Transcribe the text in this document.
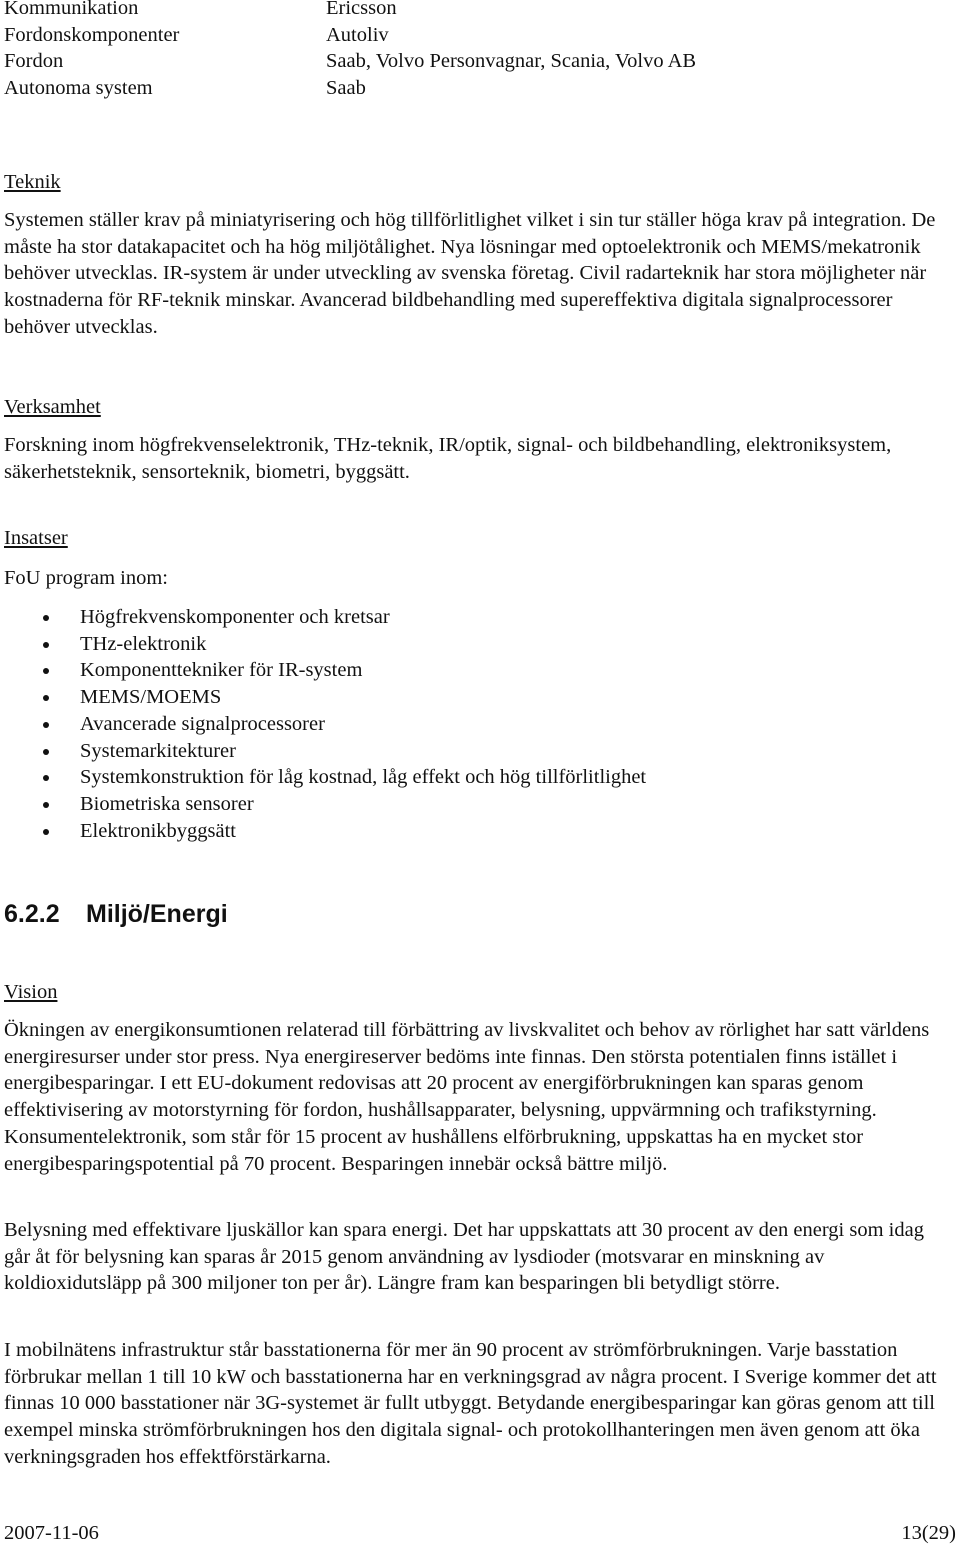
Kommunikation	Ericsson
Fordonskomponenter	Autoliv
Fordon	Saab, Volvo Personvagnar, Scania, Volvo AB
Autonoma system	Saab
Teknik

Systemen ställer krav på miniatyrisering och hög tillförlitlighet vilket i sin tur ställer höga krav på integration. De måste ha stor datakapacitet och ha hög miljötålighet. Nya lösningar med optoelektronik och MEMS/mekatronik behöver utvecklas. IR-system är under utveckling av svenska företag. Civil radarteknik har stora möjligheter när kostnaderna för RF-teknik minskar. Avancerad bildbehandling med supereffektiva digitala signalprocessorer behöver utvecklas.

Verksamhet

Forskning inom högfrekvenselektronik, THz-teknik, IR/optik, signal- och bildbehandling, elektroniksystem, säkerhetsteknik, sensorteknik, biometri, byggsätt.

Insatser
FoU program inom:
Högfrekvenskomponenter och kretsar
THz-elektronik
Komponenttekniker för IR-system
MEMS/MOEMS
Avancerade signalprocessorer
Systemarkitekturer
Systemkonstruktion för låg kostnad, låg effekt och hög tillförlitlighet
Biometriska sensorer
Elektronikbyggsätt
6.2.2 Miljö/Energi
Vision

Ökningen av energikonsumtionen relaterad till förbättring av livskvalitet och behov av rörlighet har satt världens energiresurser under stor press. Nya energireserver bedöms inte finnas. Den största potentialen finns istället i energibesparingar. I ett EU-dokument redovisas att 20 procent av energiförbrukningen kan sparas genom effektivisering av motorstyrning för fordon, hushållsapparater, belysning, uppvärmning och trafikstyrning. Konsumentelektronik, som står för 15 procent av hushållens elförbrukning, uppskattas ha en mycket stor energibesparingspotential på 70 procent. Besparingen innebär också bättre miljö.

Belysning med effektivare ljuskällor kan spara energi. Det har uppskattats att 30 procent av den energi som idag går åt för belysning kan sparas år 2015 genom användning av lysdioder (motsvarar en minskning av koldioxidutsläpp på 300 miljoner ton per år). Längre fram kan besparingen bli betydligt större.

I mobilnätens infrastruktur står basstationerna för mer än 90 procent av strömförbrukningen. Varje basstation förbrukar mellan 1 till 10 kW och basstationerna har en verkningsgrad av några procent. I Sverige kommer det att finnas 10 000 basstationer när 3G-systemet är fullt utbyggt. Betydande energibesparingar kan göras genom att till exempel minska strömförbrukningen hos den digitala signal- och protokollhanteringen men även genom att öka verkningsgraden hos effektförstärkarna.

2007-11-06	13(29)
